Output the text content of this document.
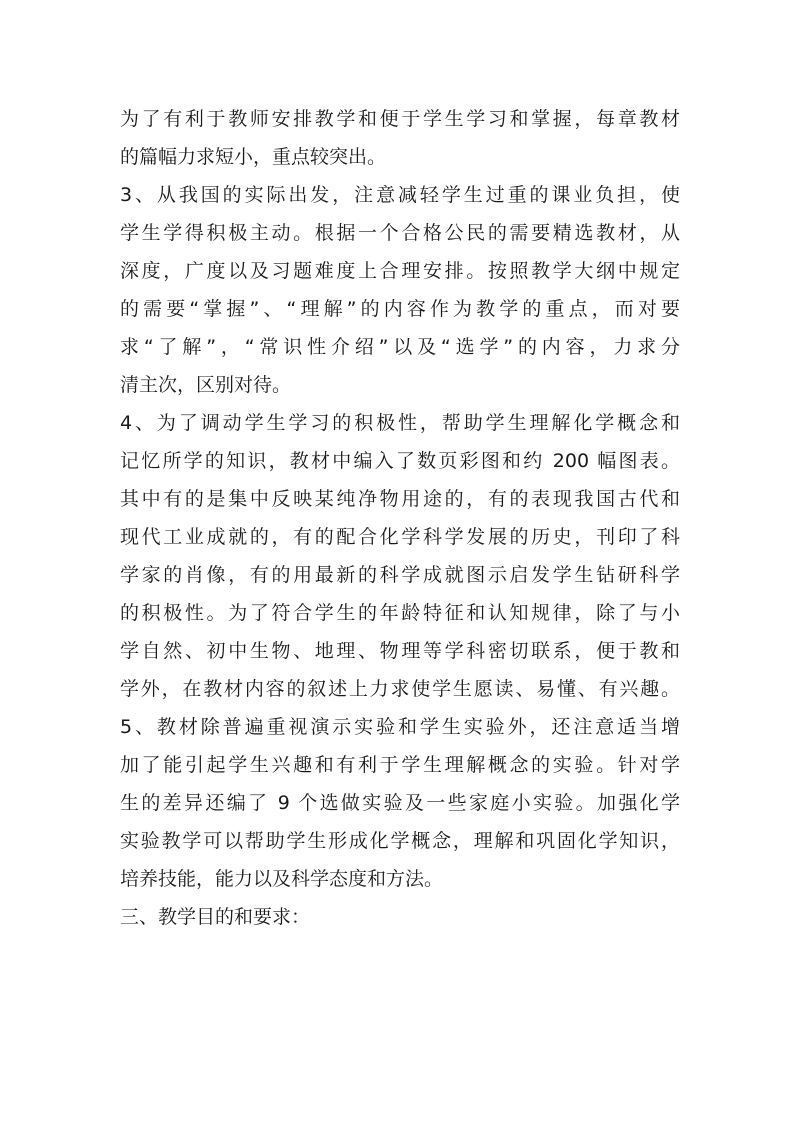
为了有利于教师安排教学和便于学生学习和掌握，每章教材
的篇幅力求短小，重点较突出。
3、从我国的实际出发，注意减轻学生过重的课业负担，使
学生学得积极主动。根据一个合格公民的需要精选教材，从
深度，广度以及习题难度上合理安排。按照教学大纲中规定
的需要“掌握”、“理解”的内容作为教学的重点，而对要
求“了解”，“常识性介绍”以及“选学”的内容，力求分
清主次，区别对待。
4、为了调动学生学习的积极性，帮助学生理解化学概念和
记忆所学的知识，教材中编入了数页彩图和约 200 幅图表。
其中有的是集中反映某纯净物用途的，有的表现我国古代和
现代工业成就的，有的配合化学科学发展的历史，刊印了科
学家的肖像，有的用最新的科学成就图示启发学生钻研科学
的积极性。为了符合学生的年龄特征和认知规律，除了与小
学自然、初中生物、地理、物理等学科密切联系，便于教和
学外，在教材内容的叙述上力求使学生愿读、易懂、有兴趣。
5、教材除普遍重视演示实验和学生实验外，还注意适当增
加了能引起学生兴趣和有利于学生理解概念的实验。针对学
生的差异还编了 9 个选做实验及一些家庭小实验。加强化学
实验教学可以帮助学生形成化学概念，理解和巩固化学知识，
培养技能，能力以及科学态度和方法。
三、教学目的和要求：
